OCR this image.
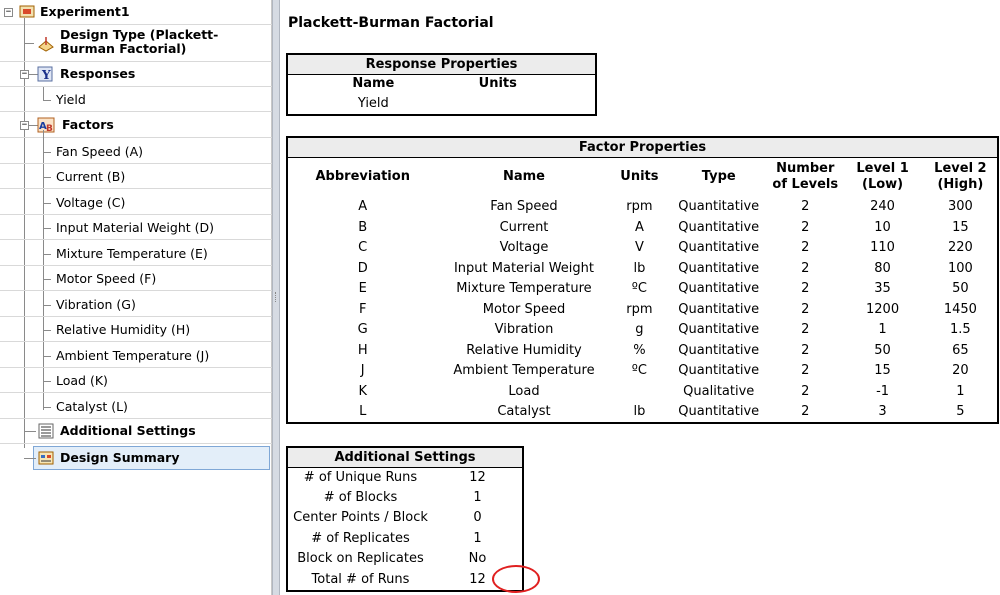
− Experiment1
Design Type (Plackett-Burman Factorial)
− Y Responses
Yield
− A B Factors
Fan Speed (A)
Current (B)
Voltage (C)
Input Material Weight (D)
Mixture Temperature (E)
Motor Speed (F)
Vibration (G)
Relative Humidity (H)
Ambient Temperature (J)
Load (K)
Catalyst (L)
Additional Settings
Design Summary
Plackett-Burman Factorial
Response Properties	
Name	Units
Yield	
Factor Properties						
Abbreviation	Name	Units	Type	Number of Levels	Level 1 (Low)	Level 2 (High)
A	Fan Speed	rpm	Quantitative	2	240	300
B	Current	A	Quantitative	2	10	15
C	Voltage	V	Quantitative	2	110	220
D	Input Material Weight	lb	Quantitative	2	80	100
E	Mixture Temperature	ºC	Quantitative	2	35	50
F	Motor Speed	rpm	Quantitative	2	1200	1450
G	Vibration	g	Quantitative	2	1	1.5
H	Relative Humidity	%	Quantitative	2	50	65
J	Ambient Temperature	ºC	Quantitative	2	15	20
K	Load		Qualitative	2	-1	1
L	Catalyst	lb	Quantitative	2	3	5
Additional Settings	
# of Unique Runs	12
# of Blocks	1
Center Points / Block	0
# of Replicates	1
Block on Replicates	No
Total # of Runs	12
